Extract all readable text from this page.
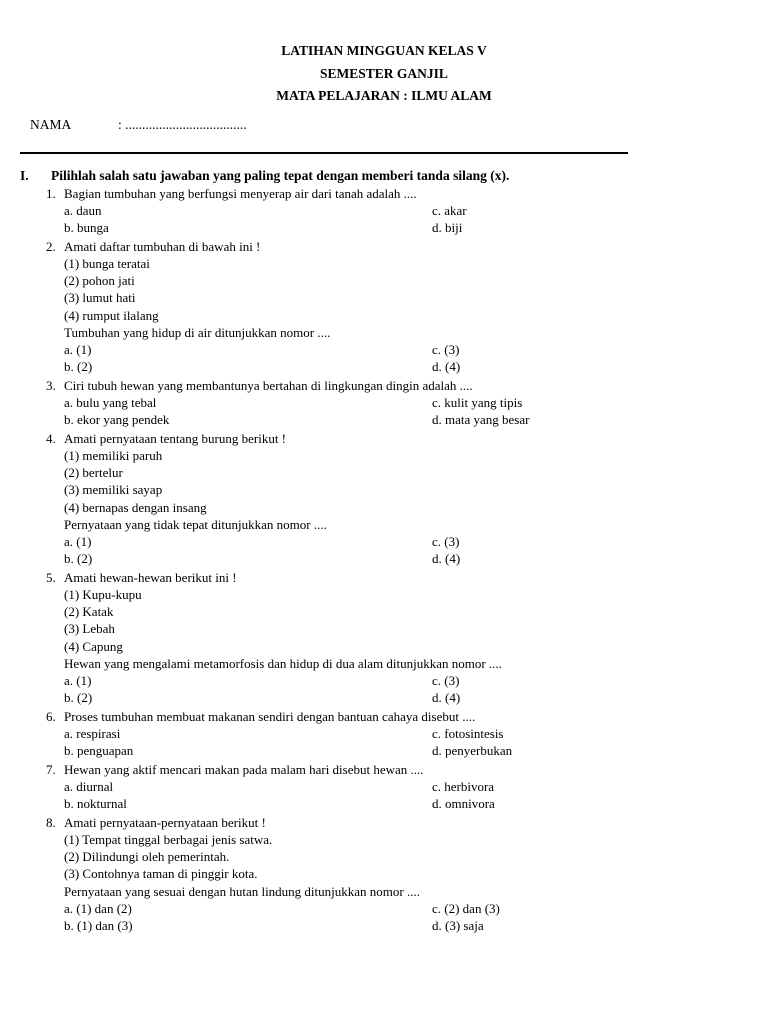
LATIHAN MINGGUAN KELAS V
SEMESTER GANJIL
MATA PELAJARAN : ILMU ALAM
NAMA	: ....................................
I. Pilihlah salah satu jawaban yang paling tepat dengan memberi tanda silang (x).
1. Bagian tumbuhan yang berfungsi menyerap air dari tanah adalah ....
a. daun	c. akar
b. bunga	d. biji
2. Amati daftar tumbuhan di bawah ini !
(1) bunga teratai
(2) pohon jati
(3) lumut hati
(4) rumput ilalang
Tumbuhan yang hidup di air ditunjukkan nomor ....
a. (1)	c. (3)
b. (2)	d. (4)
3. Ciri tubuh hewan yang membantunya bertahan di lingkungan dingin adalah ....
a. bulu yang tebal	c. kulit yang tipis
b. ekor yang pendek	d. mata yang besar
4. Amati pernyataan tentang burung berikut !
(1) memiliki paruh
(2) bertelur
(3) memiliki sayap
(4) bernapas dengan insang
Pernyataan yang tidak tepat ditunjukkan nomor ....
a. (1)	c. (3)
b. (2)	d. (4)
5. Amati hewan-hewan berikut ini !
(1) Kupu-kupu
(2) Katak
(3) Lebah
(4) Capung
Hewan yang mengalami metamorfosis dan hidup di dua alam ditunjukkan nomor ....
a. (1)	c. (3)
b. (2)	d. (4)
6. Proses tumbuhan membuat makanan sendiri dengan bantuan cahaya disebut ....
a. respirasi	c. fotosintesis
b. penguapan	d. penyerbukan
7. Hewan yang aktif mencari makan pada malam hari disebut hewan ....
a. diurnal	c. herbivora
b. nokturnal	d. omnivora
8. Amati pernyataan-pernyataan berikut !
(1) Tempat tinggal berbagai jenis satwa.
(2) Dilindungi oleh pemerintah.
(3) Contohnya taman di pinggir kota.
Pernyataan yang sesuai dengan hutan lindung ditunjukkan nomor ....
a. (1) dan (2)	c. (2) dan (3)
b. (1) dan (3)	d. (3) saja
